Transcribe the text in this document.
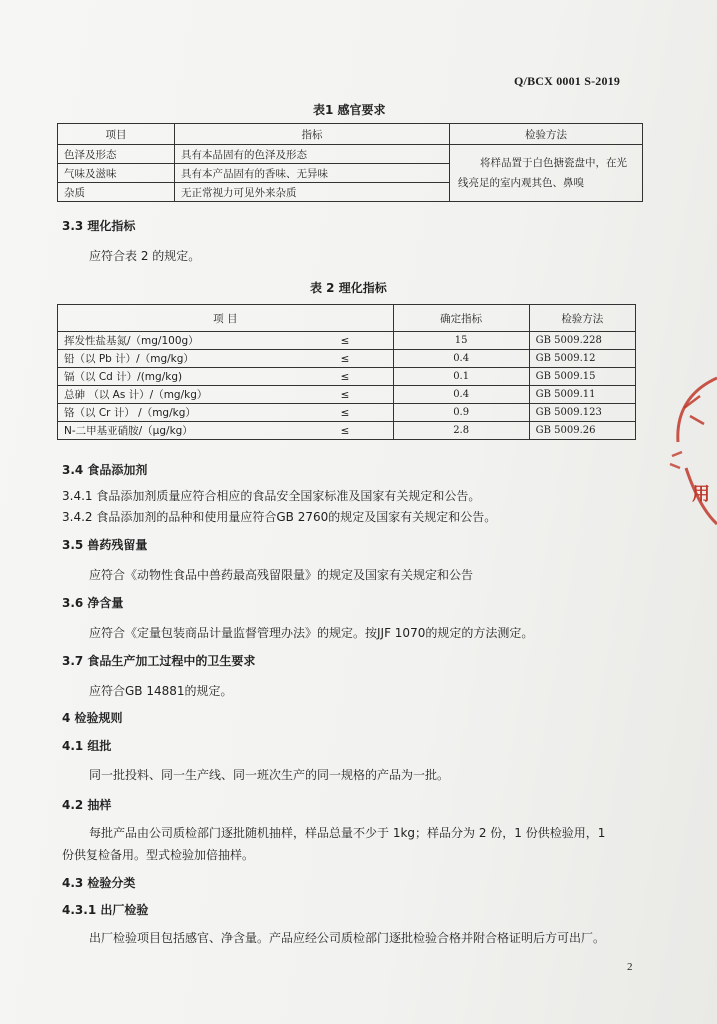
Q/BCX 0001 S-2019
表1 感官要求
项目	指标	检验方法
色泽及形态	具有本品固有的色泽及形态	将样品置于白色搪瓷盘中，在光
线亮足的室内观其色、鼻嗅

气味及滋味	具有本产品固有的香味、无异味	
杂质	无正常视力可见外来杂质	
3.3 理化指标
应符合表 2 的规定。
表 2 理化指标
项 目		确定指标	检验方法
挥发性盐基氮/（mg/100g）	≤	15	GB 5009.228
铅（以 Pb 计）/（mg/kg）	≤	0.4	GB 5009.12
镉（以 Cd 计）/(mg/kg)	≤	0.1	GB 5009.15
总砷 （以 As 计）/（mg/kg）	≤	0.4	GB 5009.11
铬（以 Cr 计） /（mg/kg）	≤	0.9	GB 5009.123
N-二甲基亚硝胺/（μg/kg）	≤	2.8	GB 5009.26
3.4 食品添加剂
3.4.1 食品添加剂质量应符合相应的食品安全国家标准及国家有关规定和公告。
3.4.2 食品添加剂的品种和使用量应符合GB 2760的规定及国家有关规定和公告。
3.5 兽药残留量
应符合《动物性食品中兽药最高残留限量》的规定及国家有关规定和公告
3.6 净含量
应符合《定量包装商品计量监督管理办法》的规定。按JJF 1070的规定的方法测定。
3.7 食品生产加工过程中的卫生要求
应符合GB 14881的规定。
4 检验规则
4.1 组批
同一批投料、同一生产线、同一班次生产的同一规格的产品为一批。
4.2 抽样
每批产品由公司质检部门逐批随机抽样，样品总量不少于 1kg；样品分为 2 份，1 份供检验用，1
份供复检备用。型式检验加倍抽样。
4.3 检验分类
4.3.1 出厂检验
出厂检验项目包括感官、净含量。产品应经公司质检部门逐批检验合格并附合格证明后方可出厂。
用
2
